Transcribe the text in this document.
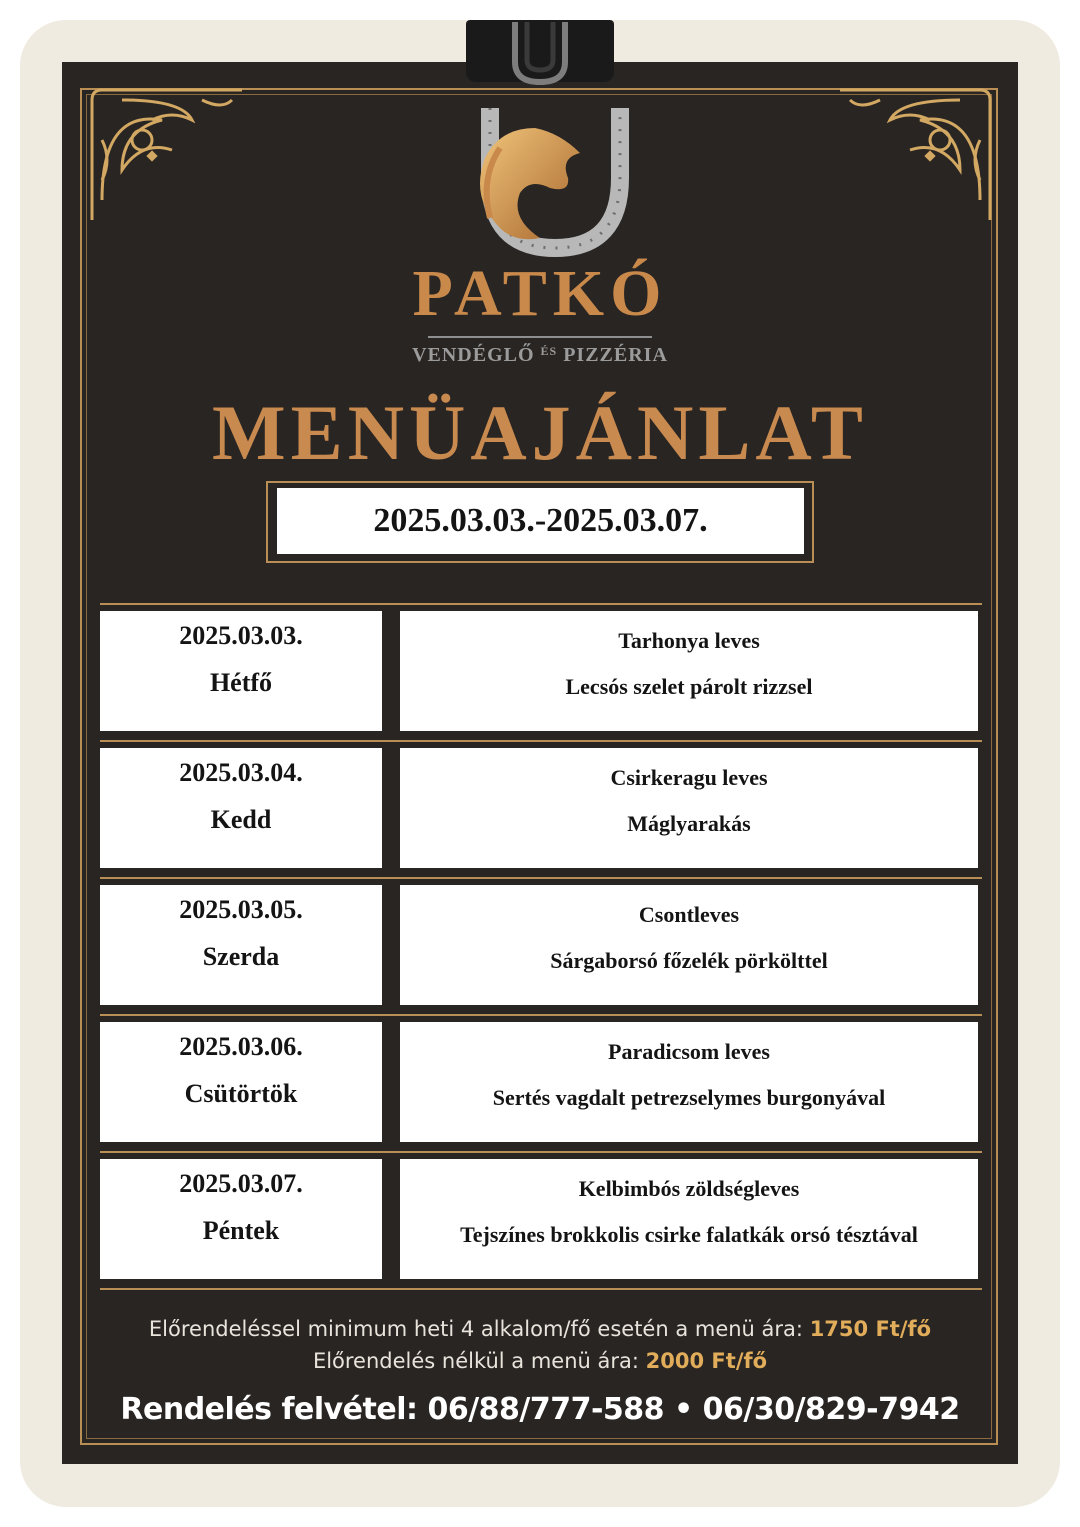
PATKÓ
VENDÉGLŐ $^{ÉS}$ PIZZÉRIA
MENÜAJÁNLAT
2025.03.03.-2025.03.07.
2025.03.03.
Hétfő
Tarhonya leves
Lecsós szelet párolt rizzsel
2025.03.04.
Kedd
Csirkeragu leves
Máglyarakás
2025.03.05.
Szerda
Csontleves
Sárgaborsó főzelék pörkölttel
2025.03.06.
Csütörtök
Paradicsom leves
Sertés vagdalt petrezselymes burgonyával
2025.03.07.
Péntek
Kelbimbós zöldségleves
Tejszínes brokkolis csirke falatkák orsó tésztával
Előrendeléssel minimum heti 4 alkalom/fő esetén a menü ára: 1750 Ft/fő
Előrendelés nélkül a menü ára: 2000 Ft/fő
Rendelés felvétel: 06/88/777-588 • 06/30/829-7942
